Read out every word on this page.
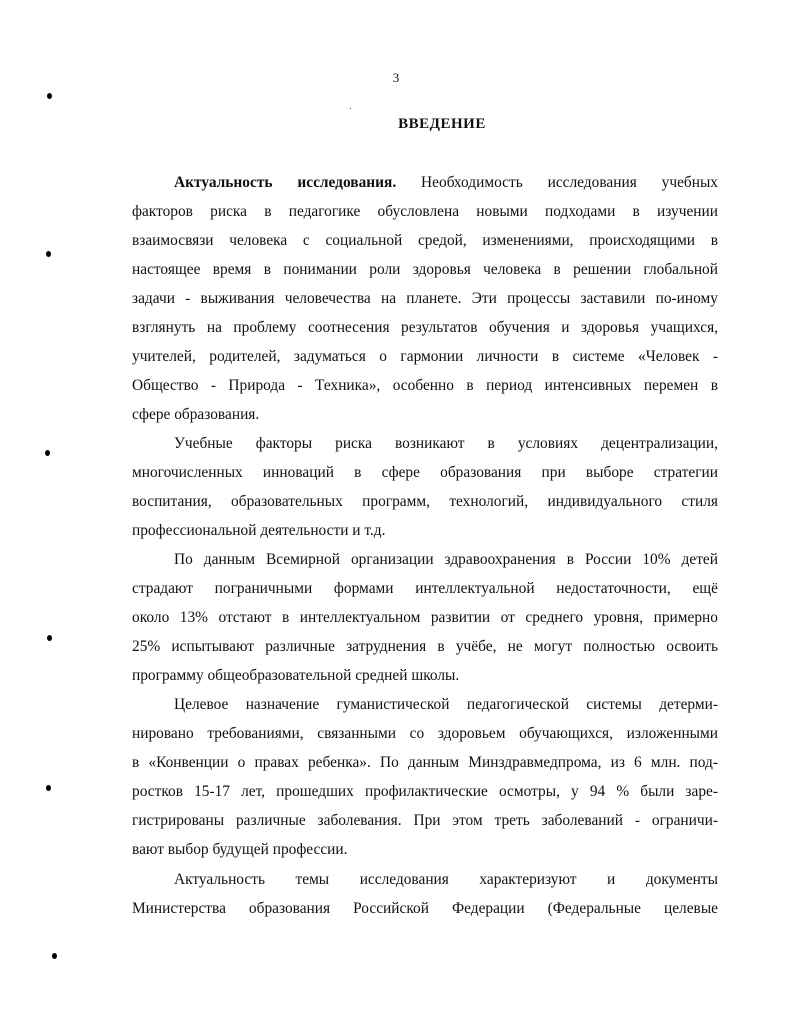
3
ВВЕДЕНИЕ
Актуальность исследования. Необходимость исследования учебных
факторов риска в педагогике обусловлена новыми подходами в изучении
взаимосвязи человека с социальной средой, изменениями, происходящими в
настоящее время в понимании роли здоровья человека в решении глобальной
задачи - выживания человечества на планете. Эти процессы заставили по-иному
взглянуть на проблему соотнесения результатов обучения и здоровья учащихся,
учителей, родителей, задуматься о гармонии личности в системе «Человек -
Общество - Природа - Техника», особенно в период интенсивных перемен в
сфере образования.
Учебные факторы риска возникают в условиях децентрализации,
многочисленных инноваций в сфере образования при выборе стратегии
воспитания, образовательных программ, технологий, индивидуального стиля
профессиональной деятельности и т.д.
По данным Всемирной организации здравоохранения в России 10% детей
страдают пограничными формами интеллектуальной недостаточности, ещё
около 13% отстают в интеллектуальном развитии от среднего уровня, примерно
25% испытывают различные затруднения в учёбе, не могут полностью освоить
программу общеобразовательной средней школы.
Целевое назначение гуманистической педагогической системы детерми-
нировано требованиями, связанными со здоровьем обучающихся, изложенными
в «Конвенции о правах ребенка». По данным Минздравмедпрома, из 6 млн. под-
ростков 15-17 лет, прошедших профилактические осмотры, у 94 % были заре-
гистрированы различные заболевания. При этом треть заболеваний - ограничи-
вают выбор будущей профессии.
Актуальность темы исследования характеризуют и документы
Министерства образования Российской Федерации (Федеральные целевые
